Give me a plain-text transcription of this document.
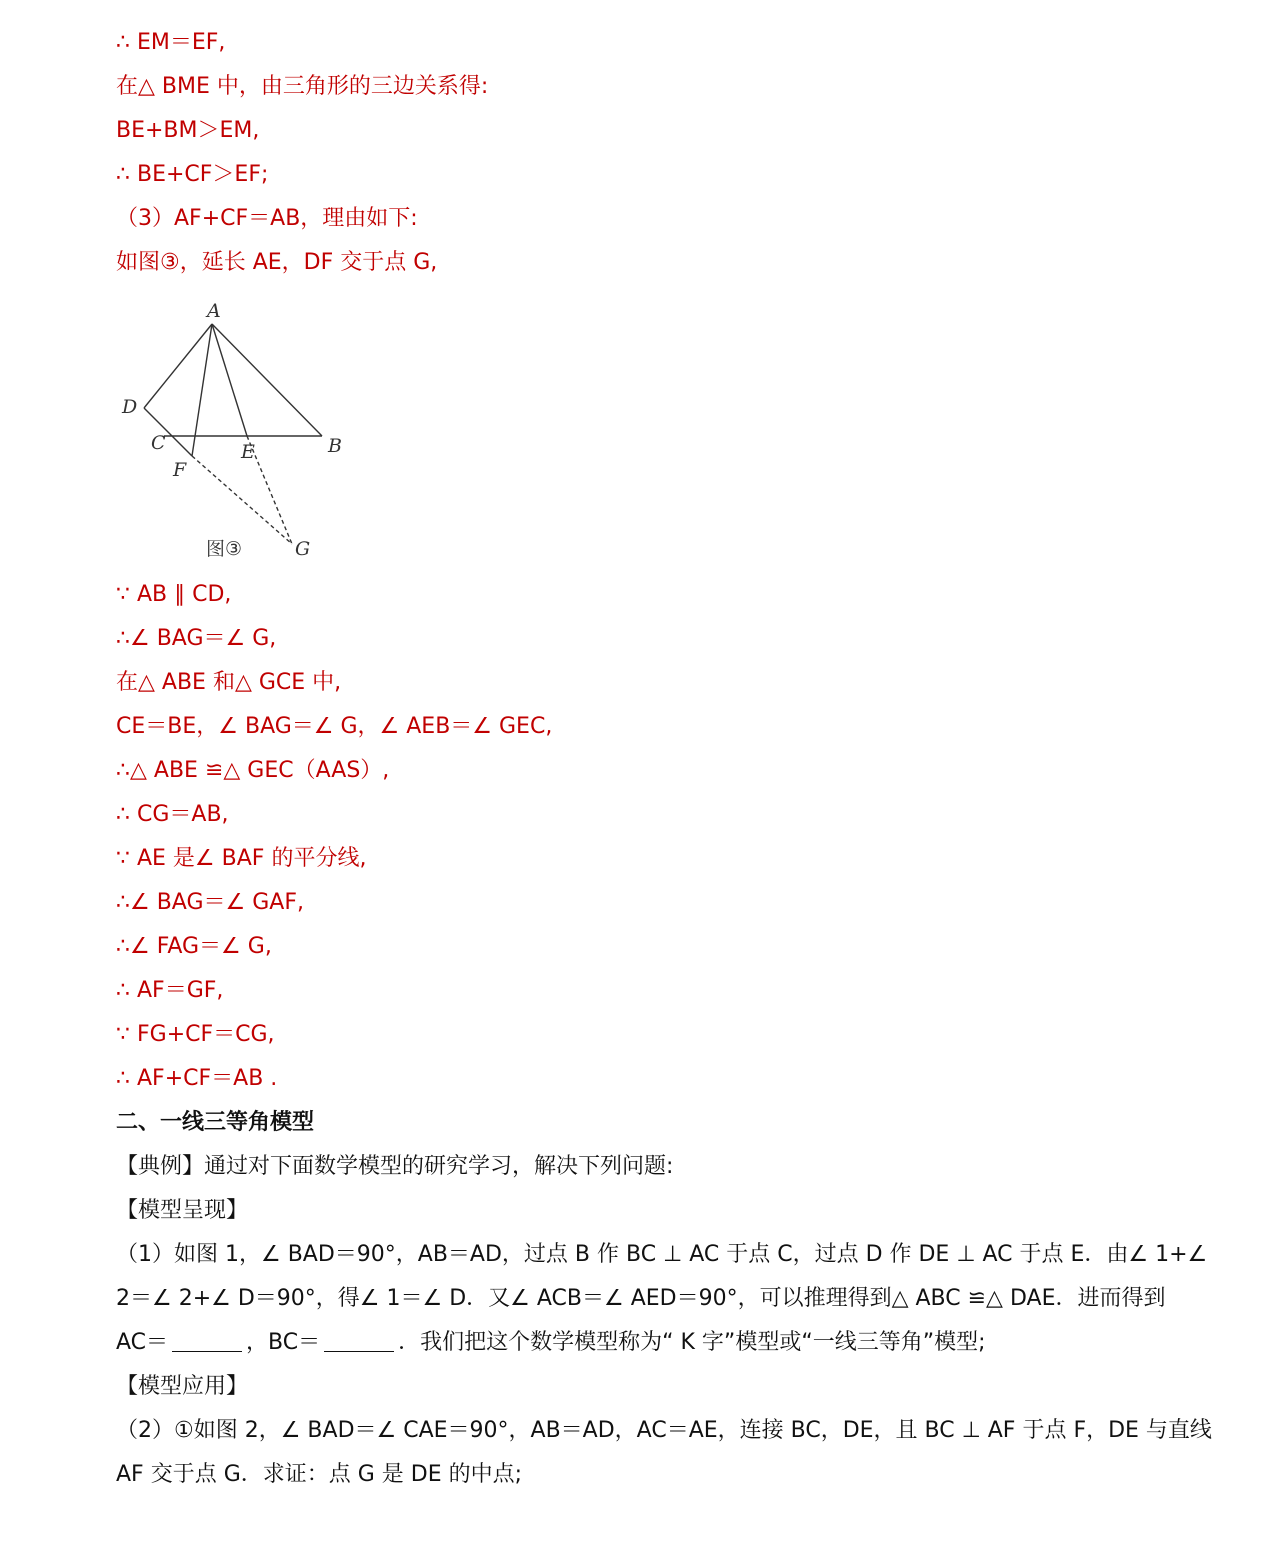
∴ EM＝EF,
在△ BME 中，由三角形的三边关系得:
BE+BM＞EM,
∴ BE+CF＞EF;
（3）AF+CF＝AB，理由如下:
如图③，延长 AE，DF 交于点 G,
A
D
C	E	B
F
G
图③
∵ AB ∥ CD,
∴∠ BAG＝∠ G,
在△ ABE 和△ GCE 中,
CE＝BE，∠ BAG＝∠ G，∠ AEB＝∠ GEC,
∴△ ABE ≌△ GEC（AAS）,
∴ CG＝AB,
∵ AE 是∠ BAF 的平分线,
∴∠ BAG＝∠ GAF,
∴∠ FAG＝∠ G,
∴ AF＝GF,
∵ FG+CF＝CG,
∴ AF+CF＝AB .
二、一线三等角模型
【典例】通过对下面数学模型的研究学习，解决下列问题:
【模型呈现】
（1）如图 1，∠ BAD＝90°，AB＝AD，过点 B 作 BC ⊥ AC 于点 C，过点 D 作 DE ⊥ AC 于点 E．由∠ 1+∠
2＝∠ 2+∠ D＝90°，得∠ 1＝∠ D．又∠ ACB＝∠ AED＝90°，可以推理得到△ ABC ≌△ DAE．进而得到
AC＝	，BC＝	．我们把这个数学模型称为“ K 字”模型或“一线三等角”模型;
【模型应用】
（2）①如图 2，∠ BAD＝∠ CAE＝90°，AB＝AD，AC＝AE，连接 BC，DE，且 BC ⊥ AF 于点 F，DE 与直线
AF 交于点 G．求证：点 G 是 DE 的中点;
